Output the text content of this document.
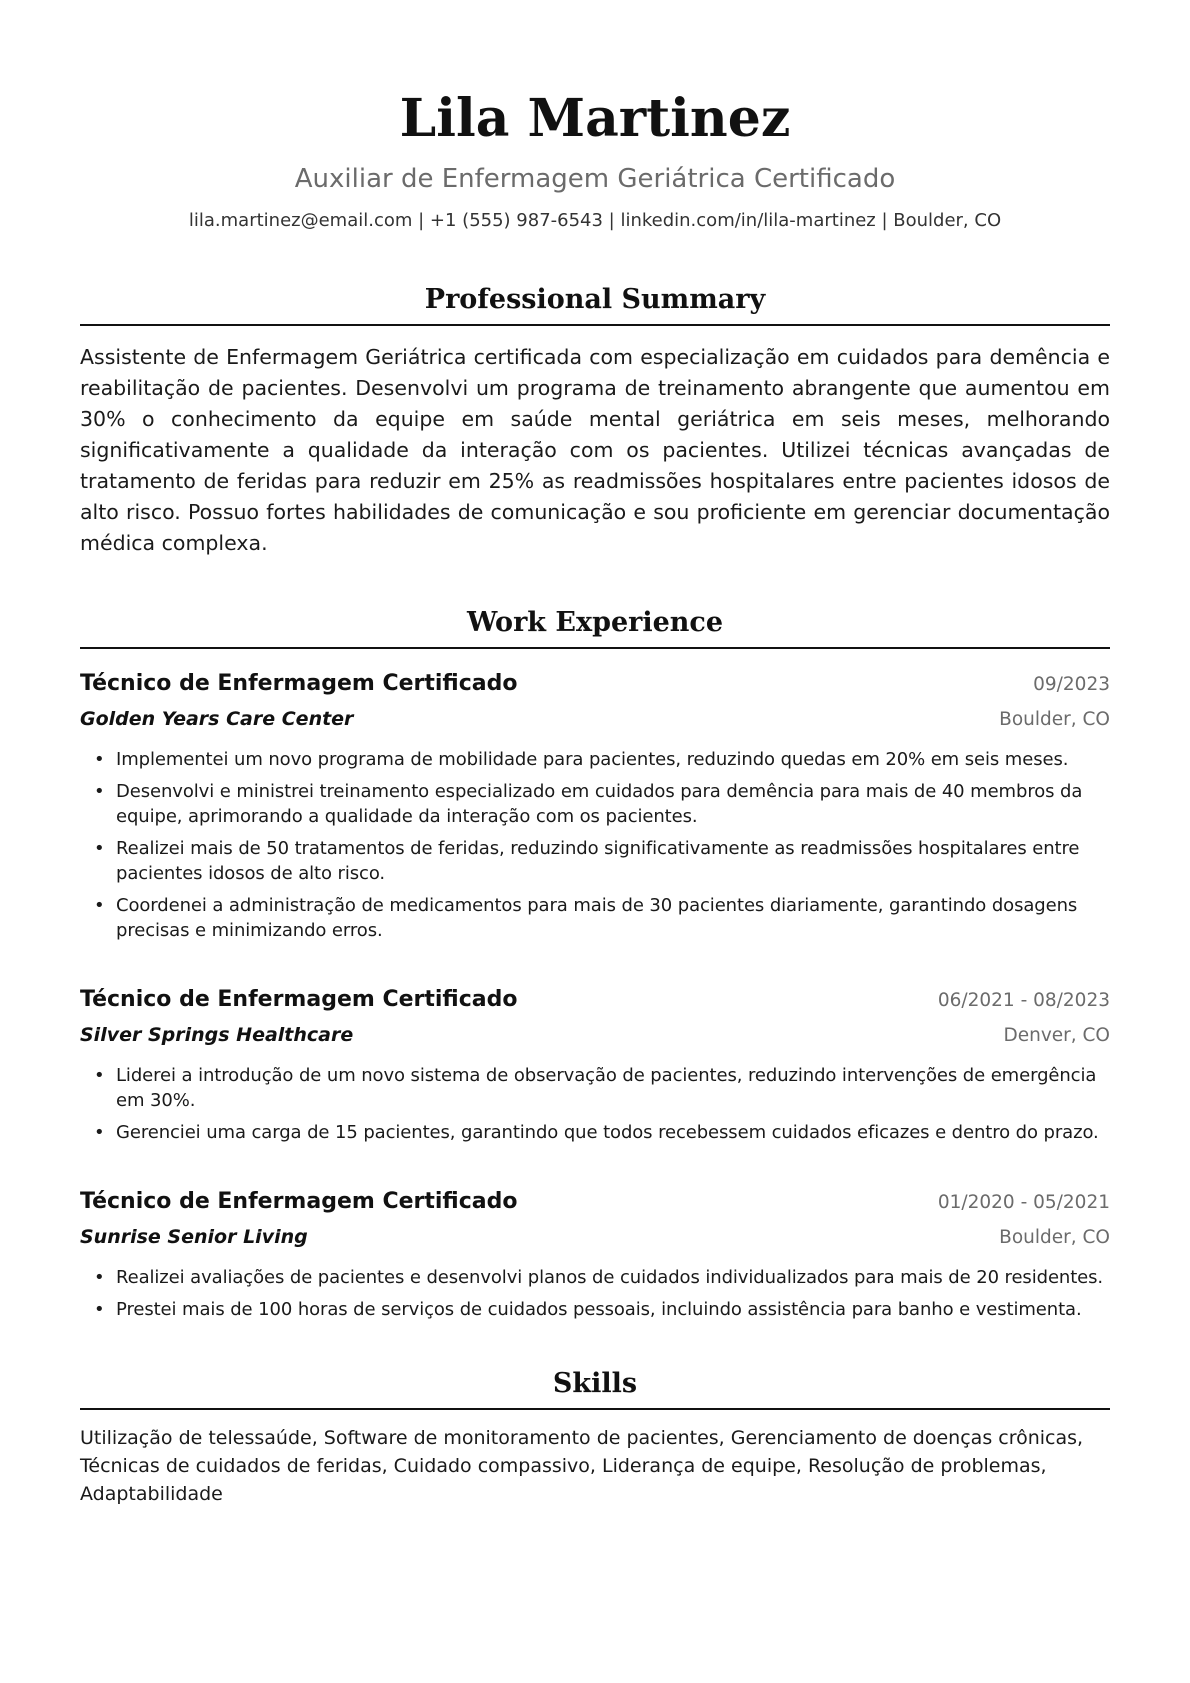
Lila Martinez
Auxiliar de Enfermagem Geriátrica Certificado
lila.martinez@email.com | +1 (555) 987-6543 | linkedin.com/in/lila-martinez | Boulder, CO
Professional Summary
Assistente de Enfermagem Geriátrica certificada com especialização em cuidados para demência e reabilitação de pacientes. Desenvolvi um programa de treinamento abrangente que aumentou em 30% o conhecimento da equipe em saúde mental geriátrica em seis meses, melhorando significativamente a qualidade da interação com os pacientes. Utilizei técnicas avançadas de tratamento de feridas para reduzir em 25% as readmissões hospitalares entre pacientes idosos de alto risco. Possuo fortes habilidades de comunicação e sou proficiente em gerenciar documentação médica complexa.
Work Experience
Técnico de Enfermagem Certificado	09/2023
Golden Years Care Center	Boulder, CO
• Implementei um novo programa de mobilidade para pacientes, reduzindo quedas em 20% em seis meses.
• Desenvolvi e ministrei treinamento especializado em cuidados para demência para mais de 40 membros da equipe, aprimorando a qualidade da interação com os pacientes.
• Realizei mais de 50 tratamentos de feridas, reduzindo significativamente as readmissões hospitalares entre pacientes idosos de alto risco.
• Coordenei a administração de medicamentos para mais de 30 pacientes diariamente, garantindo dosagens precisas e minimizando erros.
Técnico de Enfermagem Certificado	06/2021 - 08/2023
Silver Springs Healthcare	Denver, CO
• Liderei a introdução de um novo sistema de observação de pacientes, reduzindo intervenções de emergência em 30%.
• Gerenciei uma carga de 15 pacientes, garantindo que todos recebessem cuidados eficazes e dentro do prazo.
Técnico de Enfermagem Certificado	01/2020 - 05/2021
Sunrise Senior Living	Boulder, CO
• Realizei avaliações de pacientes e desenvolvi planos de cuidados individualizados para mais de 20 residentes.
• Prestei mais de 100 horas de serviços de cuidados pessoais, incluindo assistência para banho e vestimenta.
Skills
Utilização de telessaúde, Software de monitoramento de pacientes, Gerenciamento de doenças crônicas, Técnicas de cuidados de feridas, Cuidado compassivo, Liderança de equipe, Resolução de problemas, Adaptabilidade
